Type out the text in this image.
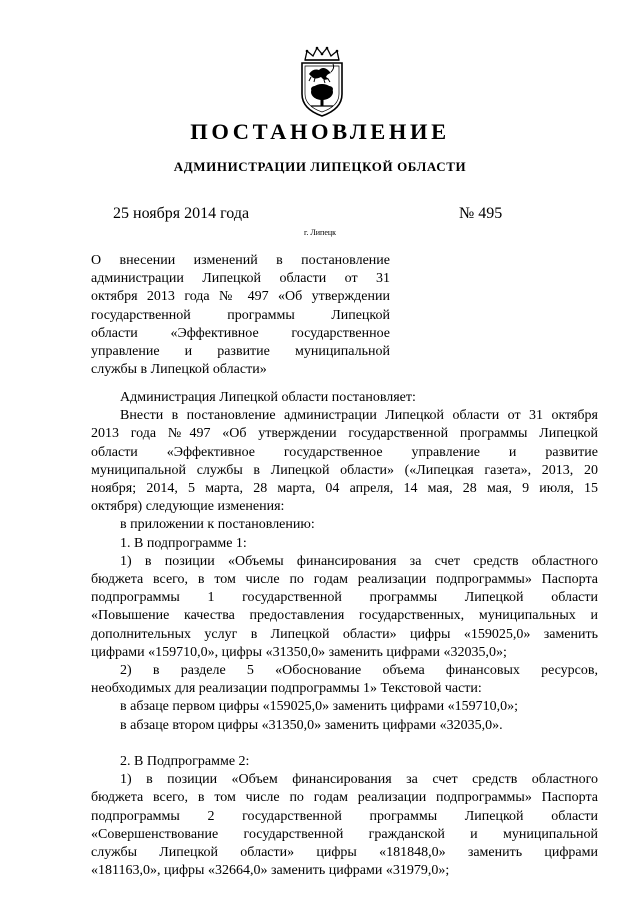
ПОСТАНОВЛЕНИЕ
АДМИНИСТРАЦИИ ЛИПЕЦКОЙ ОБЛАСТИ
25 ноября 2014 года	№ 495
г. Липецк
О внесении изменений в постановление
администрации Липецкой области от 31
октября 2013 года № 497 «Об утверждении
государственной программы Липецкой
области «Эффективное государственное
управление и развитие муниципальной
службы в Липецкой области»
Администрация Липецкой области постановляет:
Внести в постановление администрации Липецкой области от 31 октября
2013 года №497 «Об утверждении государственной программы Липецкой
области «Эффективное государственное управление и развитие
муниципальной службы в Липецкой области» («Липецкая газета», 2013, 20
ноября; 2014, 5 марта, 28 марта, 04 апреля, 14 мая, 28 мая, 9 июля, 15
октября) следующие изменения:
в приложении к постановлению:
1. В подпрограмме 1:
1) в позиции «Объемы финансирования за счет средств областного
бюджета всего, в том числе по годам реализации подпрограммы» Паспорта
подпрограммы 1 государственной программы Липецкой области
«Повышение качества предоставления государственных, муниципальных и
дополнительных услуг в Липецкой области» цифры «159025,0» заменить
цифрами «159710,0», цифры «31350,0» заменить цифрами «32035,0»;
2) в разделе 5 «Обоснование объема финансовых ресурсов,
необходимых для реализации подпрограммы 1» Текстовой части:
в абзаце первом цифры «159025,0» заменить цифрами «159710,0»;
в абзаце втором цифры «31350,0» заменить цифрами «32035,0».
2. В Подпрограмме 2:
1) в позиции «Объем финансирования за счет средств областного
бюджета всего, в том числе по годам реализации подпрограммы» Паспорта
подпрограммы 2 государственной программы Липецкой области
«Совершенствование государственной гражданской и муниципальной
службы Липецкой области» цифры «181848,0» заменить цифрами
«181163,0», цифры «32664,0» заменить цифрами «31979,0»;
